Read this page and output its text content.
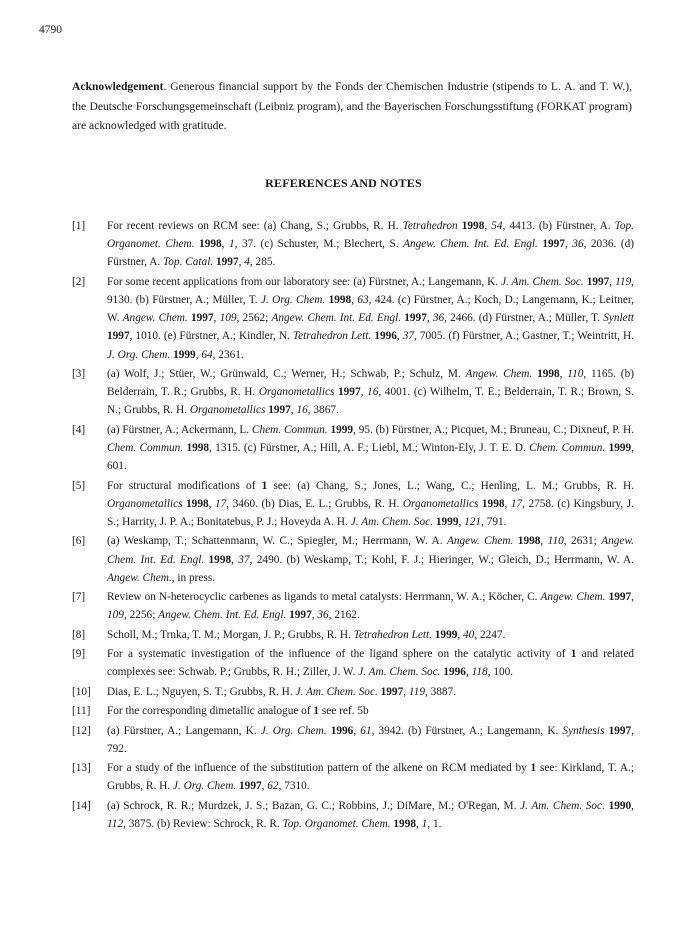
4790

Acknowledgement. Generous financial support by the Fonds der Chemischen Industrie (stipends to L. A. and T. W.), the Deutsche Forschungsgemeinschaft (Leibniz program), and the Bayerischen Forschungsstiftung (FORKAT program) are acknowledged with gratitude.

REFERENCES AND NOTES
[1] For recent reviews on RCM see: (a) Chang, S.; Grubbs, R. H. Tetrahedron 1998, 54, 4413. (b) Fürstner, A. Top. Organomet. Chem. 1998, 1, 37. (c) Schuster, M.; Blechert, S. Angew. Chem. Int. Ed. Engl. 1997, 36, 2036. (d) Fürstner, A. Top. Catal. 1997, 4, 285.
[2] For some recent applications from our laboratory see: (a) Fürstner, A.; Langemann, K. J. Am. Chem. Soc. 1997, 119, 9130. (b) Fürstner, A.; Müller, T. J. Org. Chem. 1998, 63, 424. (c) Fürstner, A.; Koch, D.; Langemann, K.; Leitner, W. Angew. Chem. 1997, 109, 2562; Angew. Chem. Int. Ed. Engl. 1997, 36, 2466. (d) Fürstner, A.; Müller, T. Synlett 1997, 1010. (e) Fürstner, A.; Kindler, N. Tetrahedron Lett. 1996, 37, 7005. (f) Fürstner, A.; Gastner, T.; Weintritt, H. J. Org. Chem. 1999, 64, 2361.
[3] (a) Wolf, J.; Stüer, W.; Grünwald, C.; Werner, H.; Schwab, P.; Schulz, M. Angew. Chem. 1998, 110, 1165. (b) Belderrain, T. R.; Grubbs, R. H. Organometallics 1997, 16, 4001. (c) Wilhelm, T. E.; Belderrain, T. R.; Brown, S. N.; Grubbs, R. H. Organometallics 1997, 16, 3867.
[4] (a) Fürstner, A.; Ackermann, L. Chem. Commun. 1999, 95. (b) Fürstner, A.; Picquet, M.; Bruneau, C.; Dixneuf, P. H. Chem. Commun. 1998, 1315. (c) Fürstner, A.; Hill, A. F.; Liebl, M.; Winton-Ely, J. T. E. D. Chem. Commun. 1999, 601.
[5] For structural modifications of 1 see: (a) Chang, S.; Jones, L.; Wang, C.; Henling, L. M.; Grubbs, R. H. Organometallics 1998, 17, 3460. (b) Dias, E. L.; Grubbs, R. H. Organometallics 1998, 17, 2758. (c) Kingsbury, J. S.; Harrity, J. P. A.; Bonitatebus, P. J.; Hoveyda A. H. J. Am. Chem. Soc. 1999, 121, 791.
[6] (a) Weskamp, T.; Schattenmann, W. C.; Spiegler, M.; Herrmann, W. A. Angew. Chem. 1998, 110, 2631; Angew. Chem. Int. Ed. Engl. 1998, 37, 2490. (b) Weskamp, T.; Kohl, F. J.; Hieringer, W.; Gleich, D.; Herrmann, W. A. Angew. Chem., in press.
[7] Review on N-heterocyclic carbenes as ligands to metal catalysts: Herrmann, W. A.; Köcher, C. Angew. Chem. 1997, 109, 2256; Angew. Chem. Int. Ed. Engl. 1997, 36, 2162.
[8] Scholl, M.; Trnka, T. M.; Morgan, J. P.; Grubbs, R. H. Tetrahedron Lett. 1999, 40, 2247.
[9] For a systematic investigation of the influence of the ligand sphere on the catalytic activity of 1 and related complexes see: Schwab. P.; Grubbs, R. H.; Ziller, J. W. J. Am. Chem. Soc. 1996, 118, 100.
[10] Dias, E. L.; Nguyen, S. T.; Grubbs, R. H. J. Am. Chem. Soc. 1997, 119, 3887.
[11] For the corresponding dimetallic analogue of 1 see ref. 5b
[12] (a) Fürstner, A.; Langemann, K. J. Org. Chem. 1996, 61, 3942. (b) Fürstner, A.; Langemann, K. Synthesis 1997, 792.
[13] For a study of the influence of the substitution pattern of the alkene on RCM mediated by 1 see: Kirkland, T. A.; Grubbs, R. H. J. Org. Chem. 1997, 62, 7310.
[14] (a) Schrock, R. R.; Murdzek, J. S.; Bazan, G. C.; Robbins, J.; DiMare, M.; O'Regan, M. J. Am. Chem. Soc. 1990, 112, 3875. (b) Review: Schrock, R. R. Top. Organomet. Chem. 1998, 1, 1.
